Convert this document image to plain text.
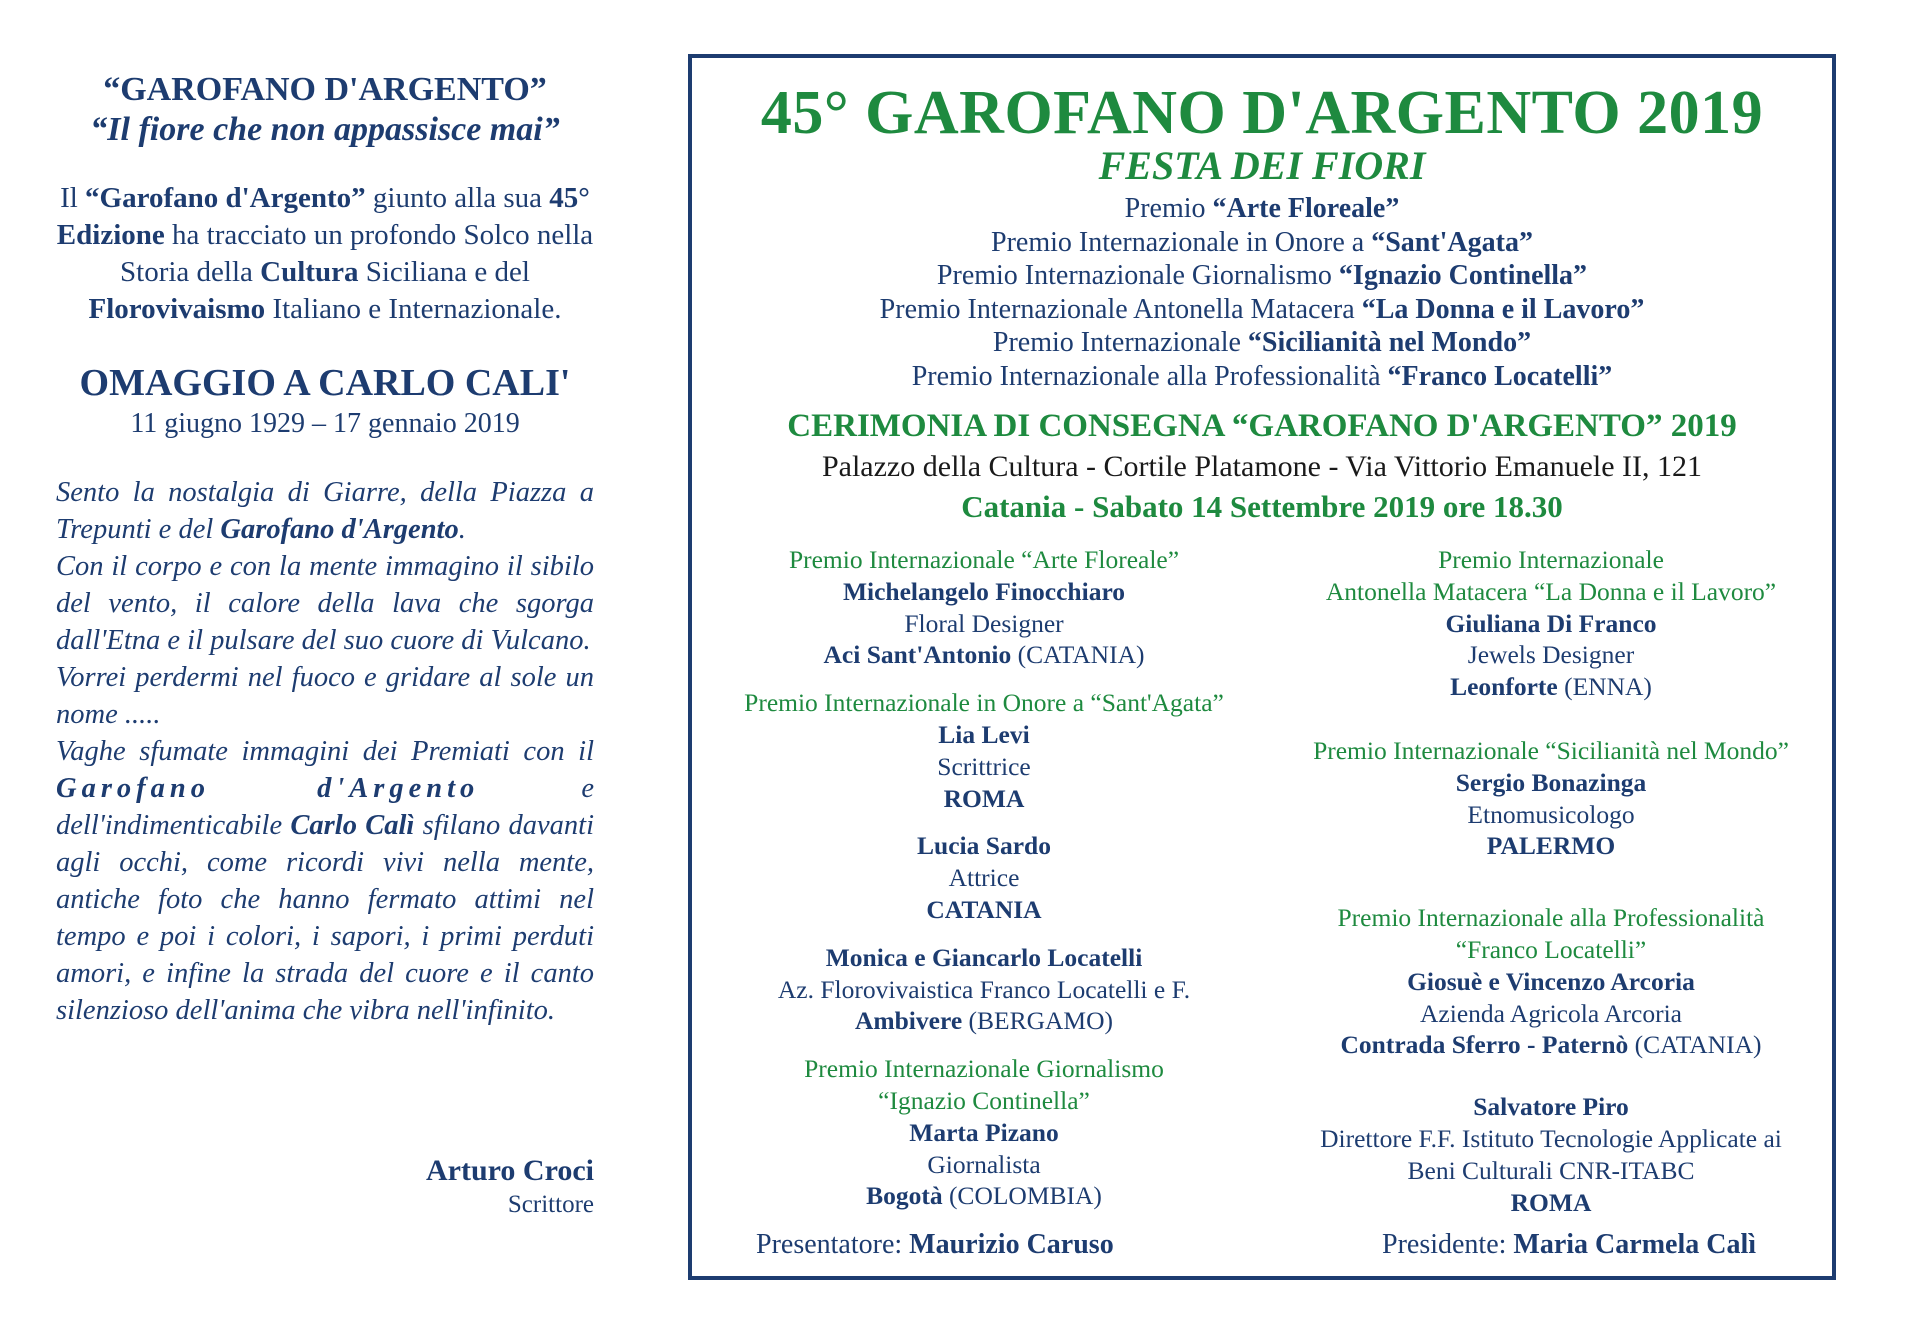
“GAROFANO D'ARGENTO”
“Il fiore che non appassisce mai”
Il “Garofano d'Argento” giunto alla sua 45° Edizione ha tracciato un profondo Solco nella Storia della Cultura Siciliana e del Florovivaismo Italiano e Internazionale.
OMAGGIO A CARLO CALI'
11 giugno 1929 – 17 gennaio 2019

Sento la nostalgia di Giarre, della Piazza a Trepunti e del Garofano d'Argento.

Con il corpo e con la mente immagino il sibilo del vento, il calore della lava che sgorga dall'Etna e il pulsare del suo cuore di Vulcano.

Vorrei perdermi nel fuoco e gridare al sole un nome .....

Vaghe sfumate immagini dei Premiati con il Garofano d'Argento e dell'indimenticabile Carlo Calì sfilano davanti agli occhi, come ricordi vivi nella mente, antiche foto che hanno fermato attimi nel tempo e poi i colori, i sapori, i primi perduti amori, e infine la strada del cuore e il canto silenzioso dell'anima che vibra nell'infinito.

Arturo Croci
Scrittore
45° GAROFANO D'ARGENTO 2019
FESTA DEI FIORI
Premio “Arte Floreale”
Premio Internazionale in Onore a “Sant'Agata”
Premio Internazionale Giornalismo “Ignazio Continella”
Premio Internazionale Antonella Matacera “La Donna e il Lavoro”
Premio Internazionale “Sicilianità nel Mondo”
Premio Internazionale alla Professionalità “Franco Locatelli”
CERIMONIA DI CONSEGNA “GAROFANO D'ARGENTO” 2019
Palazzo della Cultura - Cortile Platamone - Via Vittorio Emanuele II, 121
Catania - Sabato 14 Settembre 2019 ore 18.30
Premio Internazionale “Arte Floreale”
Michelangelo Finocchiaro
Floral Designer
Aci Sant'Antonio (CATANIA)
Premio Internazionale in Onore a “Sant'Agata”
Lia Levi
Scrittrice
ROMA
Lucia Sardo
Attrice
CATANIA
Monica e Giancarlo Locatelli
Az. Florovivaistica Franco Locatelli e F.
Ambivere (BERGAMO)
Premio Internazionale Giornalismo
“Ignazio Continella”
Marta Pizano
Giornalista
Bogotà (COLOMBIA)
Premio Internazionale
Antonella Matacera “La Donna e il Lavoro”
Giuliana Di Franco
Jewels Designer
Leonforte (ENNA)
Premio Internazionale “Sicilianità nel Mondo”
Sergio Bonazinga
Etnomusicologo
PALERMO
Premio Internazionale alla Professionalità
“Franco Locatelli”
Giosuè e Vincenzo Arcoria
Azienda Agricola Arcoria
Contrada Sferro - Paternò (CATANIA)
Salvatore Piro
Direttore F.F. Istituto Tecnologie Applicate ai
Beni Culturali CNR-ITABC
ROMA
Presentatore: Maurizio Caruso	Presidente: Maria Carmela Calì
